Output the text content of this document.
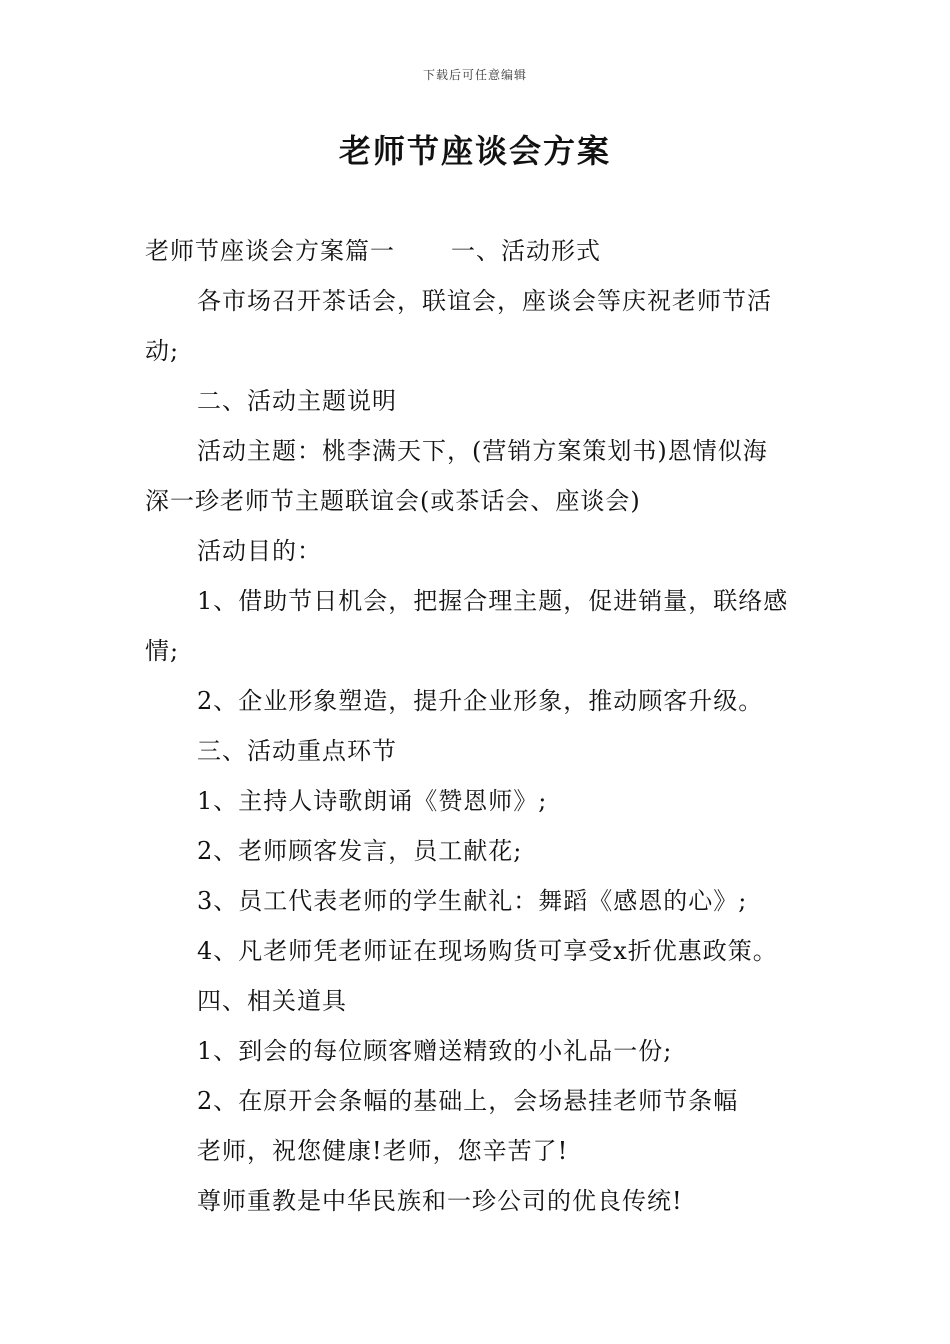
下载后可任意编辑
老师节座谈会方案
老师节座谈会方案篇一 一、活动形式
各市场召开茶话会，联谊会，座谈会等庆祝老师节活
动;
二、活动主题说明
活动主题：桃李满天下，(营销方案策划书)恩情似海
深一珍老师节主题联谊会(或茶话会、座谈会)
活动目的：
1、借助节日机会，把握合理主题，促进销量，联络感
情;
2、企业形象塑造，提升企业形象，推动顾客升级。
三、活动重点环节
1、主持人诗歌朗诵《赞恩师》;
2、老师顾客发言，员工献花;
3、员工代表老师的学生献礼：舞蹈《感恩的心》;
4、凡老师凭老师证在现场购货可享受x折优惠政策。
四、相关道具
1、到会的每位顾客赠送精致的小礼品一份;
2、在原开会条幅的基础上，会场悬挂老师节条幅
老师，祝您健康!老师，您辛苦了!
尊师重教是中华民族和一珍公司的优良传统!
